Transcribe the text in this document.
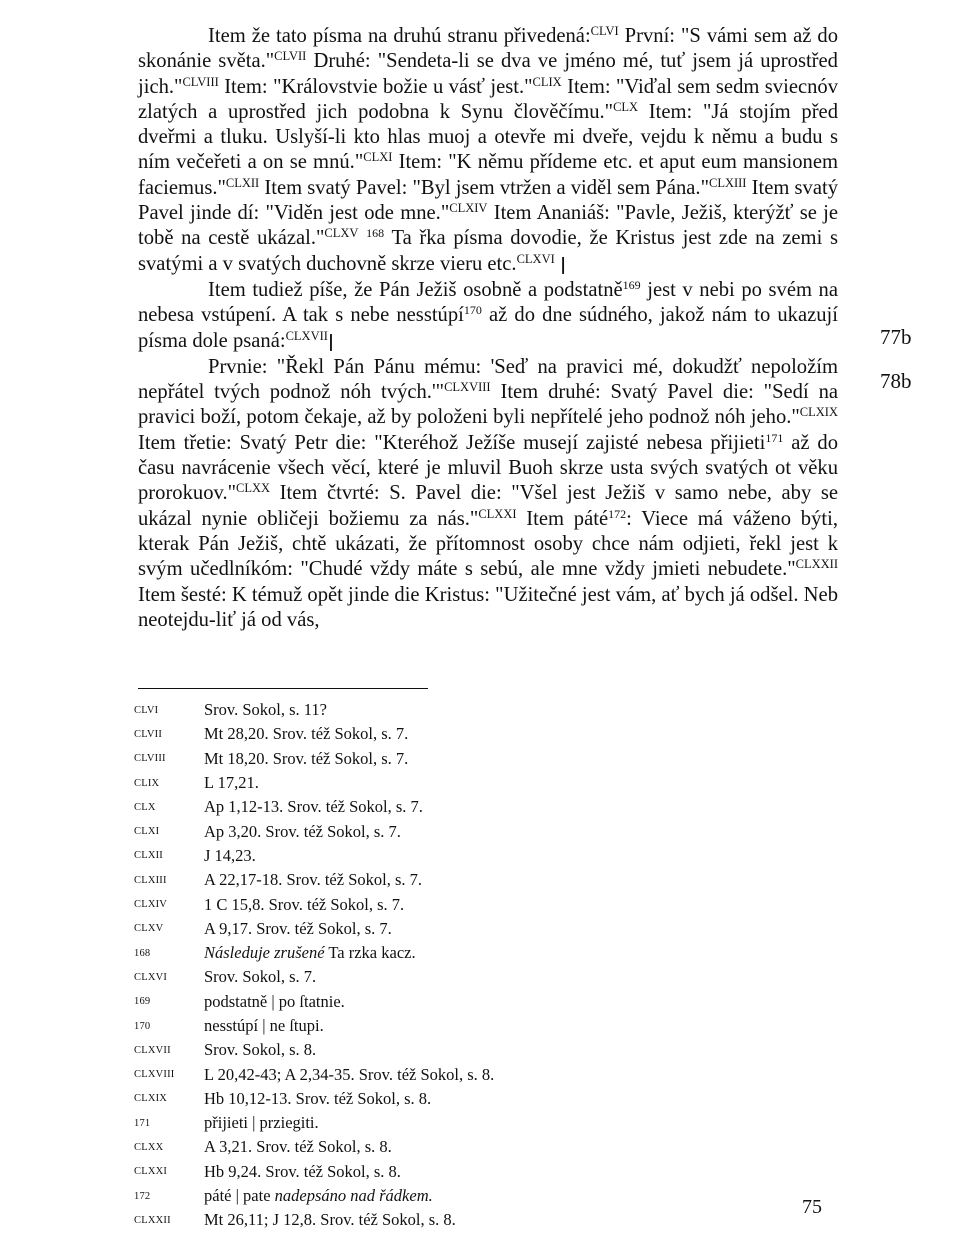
Item že tato písma na druhú stranu přivedená:$^{CLVI}$ První: "S vámi sem až do skonánie světa."$^{CLVII}$ Druhé: "Sendeta-li se dva ve jméno mé, tuť jsem já uprostřed jich."$^{CLVIII}$ Item: "Královstvie božie u vásť jest."$^{CLIX}$ Item: "Viďal sem sedm sviecnóv zlatých a uprostřed jich podobna k Synu člověčímu."$^{CLX}$ Item: "Já stojím před dveřmi a tluku. Uslyší-li kto hlas muoj a otevře mi dveře, vejdu k němu a budu s ním večeřeti a on se mnú."$^{CLXI}$ Item: "K němu přídeme etc. et aput eum mansionem faciemus."$^{CLXII}$ Item svatý Pavel: "Byl jsem vtržen a viděl sem Pána."$^{CLXIII}$ Item svatý Pavel jinde dí: "Viděn jest ode mne."$^{CLXIV}$ Item Ananiáš: "Pavle, Ježiš, kterýžť se je tobě na cestě ukázal."$^{CLXV}$ $^{168}$ Ta řka písma dovodie, že Kristus jest zde na zemi s svatými a v svatých duchovně skrze vieru etc.$^{CLXVI}$ |

Item tudiež píše, že Pán Ježiš osobně a podstatně$^{169}$ jest v nebi po svém na nebesa vstúpení. A tak s nebe nesstúpí$^{170}$ až do dne súdného, jakož nám to ukazují písma dole psaná:$^{CLXVII}$|

Prvnie: "Řekl Pán Pánu mému: 'Seď na pravici mé, dokudžť nepoložím nepřátel tvých podnož nóh tvých.'"$^{CLXVIII}$ Item druhé: Svatý Pavel die: "Sedí na pravici boží, potom čekaje, až by položeni byli nepřítelé jeho podnož nóh jeho."$^{CLXIX}$ Item třetie: Svatý Petr die: "Kteréhož Ježíše musejí zajisté nebesa přijieti$^{171}$ až do času navrácenie všech věcí, které je mluvil Buoh skrze usta svých svatých ot věku prorokuov."$^{CLXX}$ Item čtvrté: S. Pavel die: "Všel jest Ježiš v samo nebe, aby se ukázal nynie obličeji božiemu za nás."$^{CLXXI}$ Item páté$^{172}$: Viece má váženo býti, kterak Pán Ježiš, chtě ukázati, že přítomnost osoby chce nám odjieti, řekl jest k svým učedlníkóm: "Chudé vždy máte s sebú, ale mne vždy jmieti nebudete."$^{CLXXII}$ Item šesté: K témuž opět jinde die Kristus: "Užitečné jest vám, ať bych já odšel. Neb neotejdu-liť já od vás,

77b
78b
CLVI	Srov. Sokol, s. 11?
CLVII	Mt 28,20. Srov. též Sokol, s. 7.
CLVIII	Mt 18,20. Srov. též Sokol, s. 7.
CLIX	L 17,21.
CLX	Ap 1,12-13. Srov. též Sokol, s. 7.
CLXI	Ap 3,20. Srov. též Sokol, s. 7.
CLXII	J 14,23.
CLXIII	A 22,17-18. Srov. též Sokol, s. 7.
CLXIV	1 C 15,8. Srov. též Sokol, s. 7.
CLXV	A 9,17. Srov. též Sokol, s. 7.
168	Následuje zrušené Ta rzka kacz.
CLXVI	Srov. Sokol, s. 7.
169	podstatně | po ſtatnie.
170	nesstúpí | ne ſtupi.
CLXVII	Srov. Sokol, s. 8.
CLXVIII	L 20,42-43; A 2,34-35. Srov. též Sokol, s. 8.
CLXIX	Hb 10,12-13. Srov. též Sokol, s. 8.
171	přijieti | prziegiti.
CLXX	A 3,21. Srov. též Sokol, s. 8.
CLXXI	Hb 9,24. Srov. též Sokol, s. 8.
172	páté | pate nadepsáno nad řádkem.
CLXXII	Mt 26,11; J 12,8. Srov. též Sokol, s. 8.
75
